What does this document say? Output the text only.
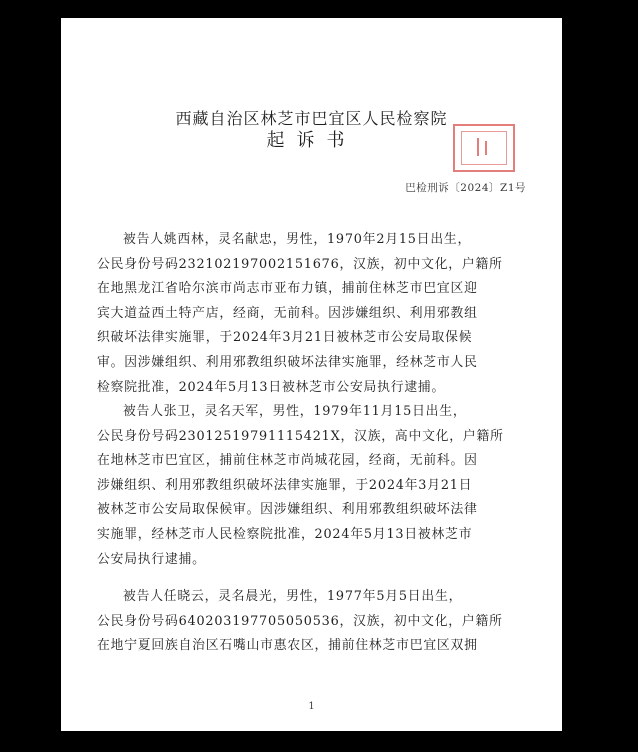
西藏自治区林芝市巴宜区人民检察院
起诉书
巴检刑诉〔2024〕Z1号
被告人姚西林，灵名献忠，男性，1970年2月15日出生，
公民身份号码232102197002151676，汉族，初中文化，户籍所
在地黑龙江省哈尔滨市尚志市亚布力镇，捕前住林芝市巴宜区迎
宾大道益西土特产店，经商，无前科。因涉嫌组织、利用邪教组
织破坏法律实施罪，于2024年3月21日被林芝市公安局取保候
审。因涉嫌组织、利用邪教组织破坏法律实施罪，经林芝市人民
检察院批准，2024年5月13日被林芝市公安局执行逮捕。
被告人张卫，灵名天军，男性，1979年11月15日出生，
公民身份号码23012519791115421X，汉族，高中文化，户籍所
在地林芝市巴宜区，捕前住林芝市尚城花园，经商，无前科。因
涉嫌组织、利用邪教组织破坏法律实施罪，于2024年3月21日
被林芝市公安局取保候审。因涉嫌组织、利用邪教组织破坏法律
实施罪，经林芝市人民检察院批准，2024年5月13日被林芝市
公安局执行逮捕。
被告人任晓云，灵名晨光，男性，1977年5月5日出生，
公民身份号码640203197705050536，汉族，初中文化，户籍所
在地宁夏回族自治区石嘴山市惠农区，捕前住林芝市巴宜区双拥
1
